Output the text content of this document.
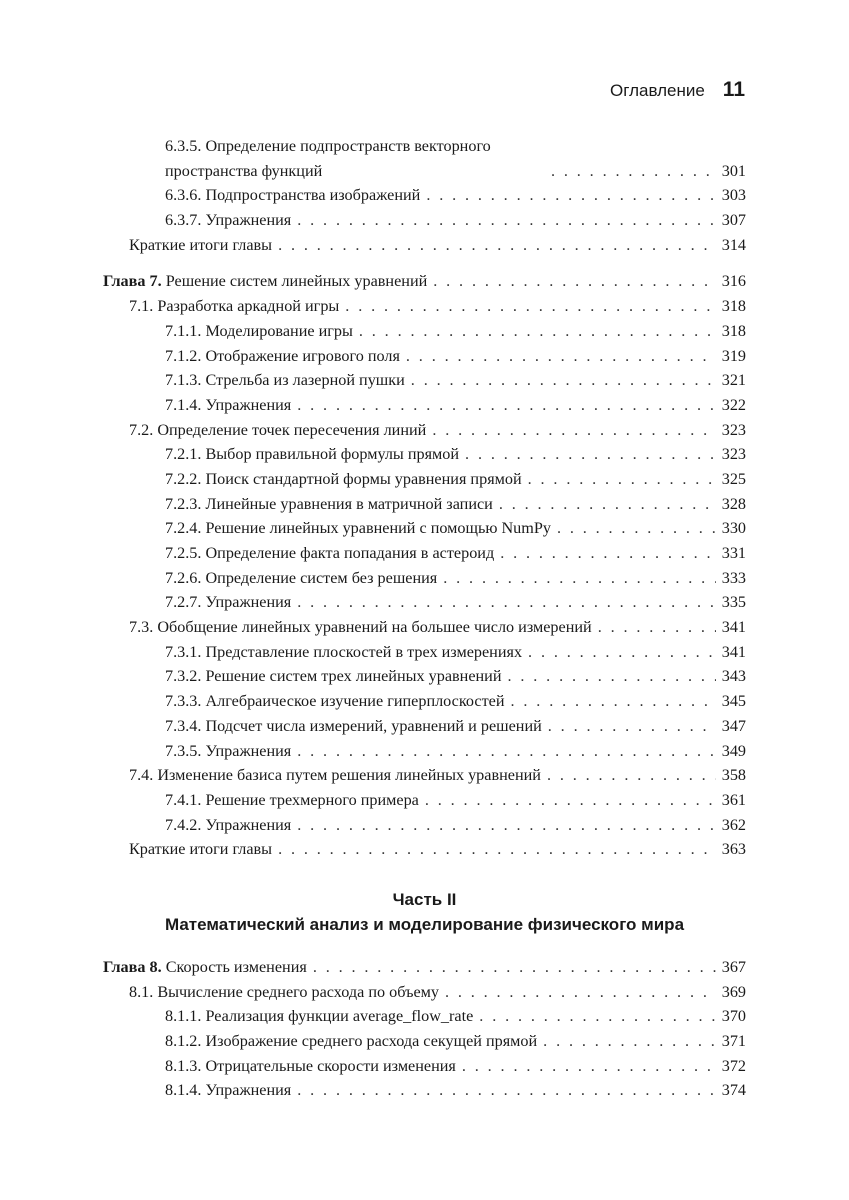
Оглавление 11
6.3.5. Определение подпространств векторного пространства функций . . .	301
6.3.6. Подпространства изображений . . .	303
6.3.7. Упражнения . . .	307
Краткие итоги главы . . .	314
Глава 7. Решение систем линейных уравнений . . .	316
7.1. Разработка аркадной игры . . .	318
7.1.1. Моделирование игры . . .	318
7.1.2. Отображение игрового поля . . .	319
7.1.3. Стрельба из лазерной пушки . . .	321
7.1.4. Упражнения . . .	322
7.2. Определение точек пересечения линий . . .	323
7.2.1. Выбор правильной формулы прямой . . .	323
7.2.2. Поиск стандартной формы уравнения прямой . . .	325
7.2.3. Линейные уравнения в матричной записи . . .	328
7.2.4. Решение линейных уравнений с помощью NumPy . . .	330
7.2.5. Определение факта попадания в астероид . . .	331
7.2.6. Определение систем без решения . . .	333
7.2.7. Упражнения . . .	335
7.3. Обобщение линейных уравнений на большее число измерений . . .	341
7.3.1. Представление плоскостей в трех измерениях . . .	341
7.3.2. Решение систем трех линейных уравнений . . .	343
7.3.3. Алгебраическое изучение гиперплоскостей . . .	345
7.3.4. Подсчет числа измерений, уравнений и решений . . .	347
7.3.5. Упражнения . . .	349
7.4. Изменение базиса путем решения линейных уравнений . . .	358
7.4.1. Решение трехмерного примера . . .	361
7.4.2. Упражнения . . .	362
Краткие итоги главы . . .	363
Часть II
Математический анализ и моделирование физического мира
Глава 8. Скорость изменения . . .	367
8.1. Вычисление среднего расхода по объему . . .	369
8.1.1. Реализация функции average_flow_rate . . .	370
8.1.2. Изображение среднего расхода секущей прямой . . .	371
8.1.3. Отрицательные скорости изменения . . .	372
8.1.4. Упражнения . . .	374
